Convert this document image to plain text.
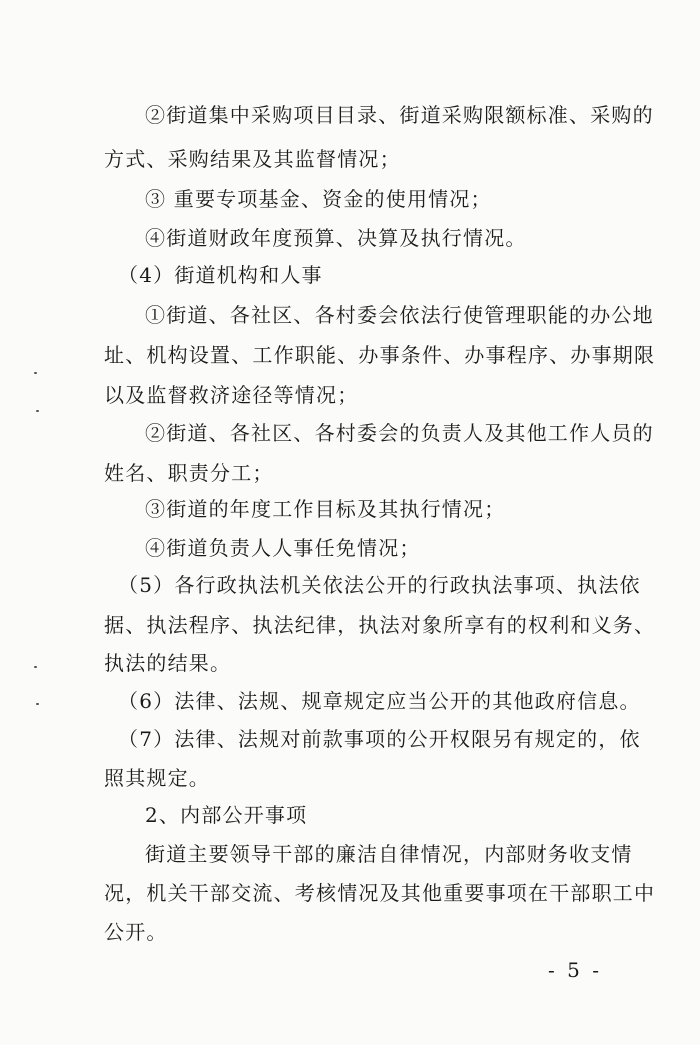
②街道集中采购项目目录、街道采购限额标准、采购的
方式、采购结果及其监督情况；
③ 重要专项基金、资金的使用情况；
④街道财政年度预算、决算及执行情况。
（4）街道机构和人事
①街道、各社区、各村委会依法行使管理职能的办公地
址、机构设置、工作职能、办事条件、办事程序、办事期限
以及监督救济途径等情况；
②街道、各社区、各村委会的负责人及其他工作人员的
姓名、职责分工；
③街道的年度工作目标及其执行情况；
④街道负责人人事任免情况；
（5）各行政执法机关依法公开的行政执法事项、执法依
据、执法程序、执法纪律，执法对象所享有的权利和义务、
执法的结果。
（6）法律、法规、规章规定应当公开的其他政府信息。
（7）法律、法规对前款事项的公开权限另有规定的，依
照其规定。
2、内部公开事项
街道主要领导干部的廉洁自律情况，内部财务收支情
况，机关干部交流、考核情况及其他重要事项在干部职工中
公开。
- 5 -
